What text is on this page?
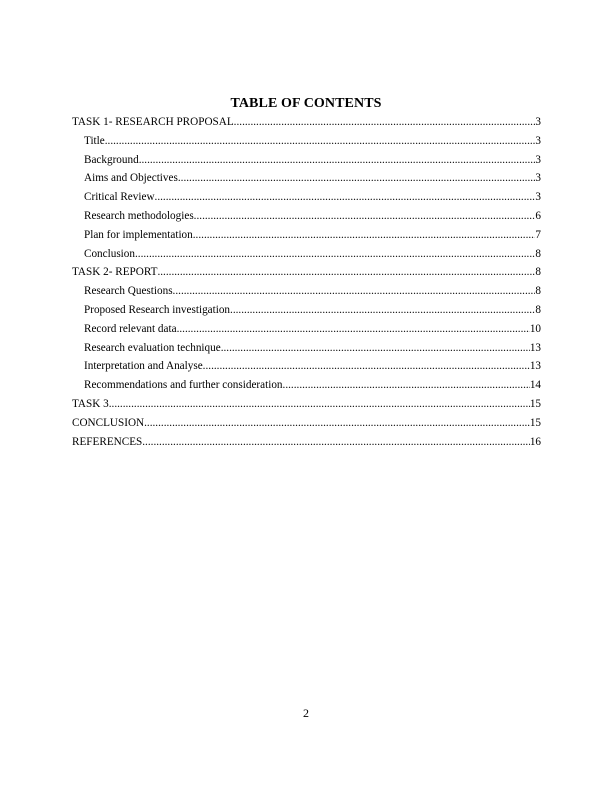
TABLE OF CONTENTS
TASK 1- RESEARCH PROPOSAL .....	3
Title .....	3
Background .....	3
Aims and Objectives .....	3
Critical Review .....	3
Research methodologies .....	6
Plan for implementation .....	7
Conclusion .....	8
TASK 2- REPORT .....	8
Research Questions .....	8
Proposed Research investigation .....	8
Record relevant data .....	10
Research evaluation technique .....	13
Interpretation and Analyse .....	13
Recommendations and further consideration .....	14
TASK 3 .....	15
CONCLUSION .....	15
REFERENCES .....	16
2
